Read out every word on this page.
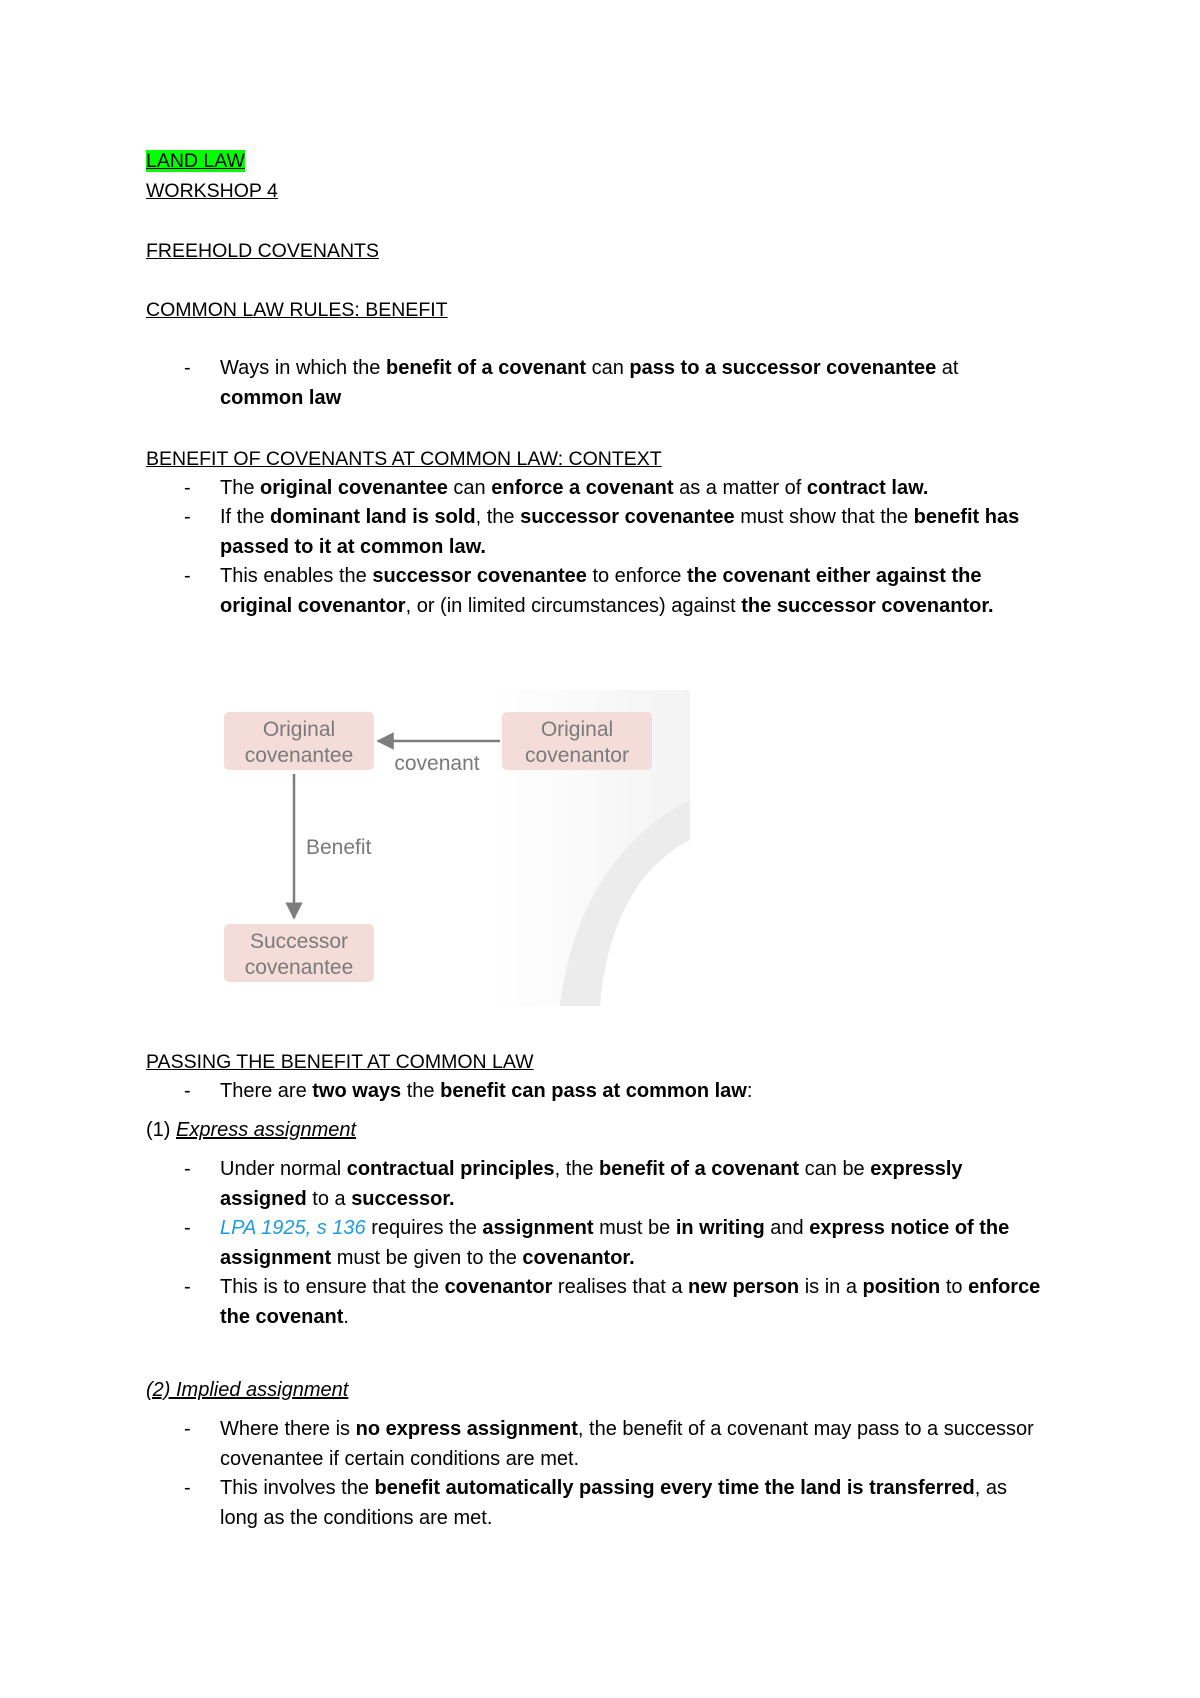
LAND LAW
WORKSHOP 4
FREEHOLD COVENANTS
COMMON LAW RULES: BENEFIT
- Ways in which the benefit of a covenant can pass to a successor covenantee at common law
BENEFIT OF COVENANTS AT COMMON LAW: CONTEXT
- The original covenantee can enforce a covenant as a matter of contract law.
- If the dominant land is sold, the successor covenantee must show that the benefit has passed to it at common law.
- This enables the successor covenantee to enforce the covenant either against the original covenantor, or (in limited circumstances) against the successor covenantor.
Original
covenantee
Original
covenantor
Successor
covenantee
covenant
Benefit
PASSING THE BENEFIT AT COMMON LAW
- There are two ways the benefit can pass at common law:
(1) Express assignment
- Under normal contractual principles, the benefit of a covenant can be expressly assigned to a successor.
- LPA 1925, s 136 requires the assignment must be in writing and express notice of the assignment must be given to the covenantor.
- This is to ensure that the covenantor realises that a new person is in a position to enforce the covenant.
(2) Implied assignment
- Where there is no express assignment, the benefit of a covenant may pass to a successor covenantee if certain conditions are met.
- This involves the benefit automatically passing every time the land is transferred, as long as the conditions are met.
